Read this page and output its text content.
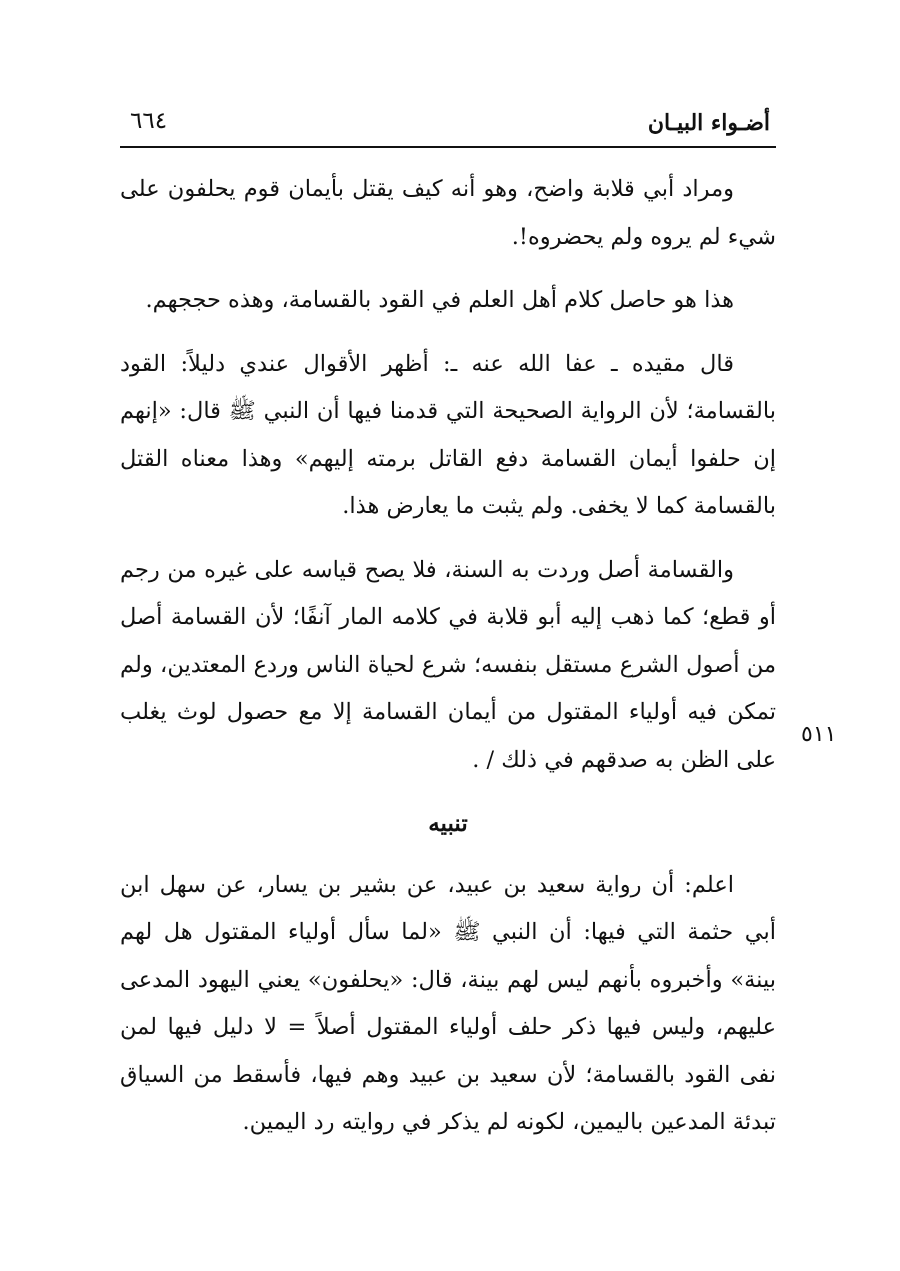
أضـواء البيـان
٦٦٤

ومراد أبي قلابة واضح، وهو أنه كيف يقتل بأيمان قوم يحلفون على شيء لم يروه ولم يحضروه!.

هذا هو حاصل كلام أهل العلم في القود بالقسامة، وهذه حججهم.

قال مقيده ـ عفا الله عنه ـ: أظهر الأقوال عندي دليلاً: القود بالقسامة؛ لأن الرواية الصحيحة التي قدمنا فيها أن النبي ﷺ قال: «إنهم إن حلفوا أيمان القسامة دفع القاتل برمته إليهم» وهذا معناه القتل بالقسامة كما لا يخفى. ولم يثبت ما يعارض هذا.

والقسامة أصل وردت به السنة، فلا يصح قياسه على غيره من رجم أو قطع؛ كما ذهب إليه أبو قلابة في كلامه المار آنفًا؛ لأن القسامة أصل من أصول الشرع مستقل بنفسه؛ شرع لحياة الناس وردع المعتدين، ولم تمكن فيه أولياء المقتول من أيمان القسامة إلا مع حصول لوث يغلب على الظن به صدقهم في ذلك / .

تنبيه

اعلم: أن رواية سعيد بن عبيد، عن بشير بن يسار، عن سهل ابن أبي حثمة التي فيها: أن النبي ﷺ «لما سأل أولياء المقتول هل لهم بينة» وأخبروه بأنهم ليس لهم بينة، قال: «يحلفون» يعني اليهود المدعى عليهم، وليس فيها ذكر حلف أولياء المقتول أصلاً = لا دليل فيها لمن نفى القود بالقسامة؛ لأن سعيد بن عبيد وهم فيها، فأسقط من السياق تبدئة المدعين باليمين، لكونه لم يذكر في روايته رد اليمين.

٥١١
